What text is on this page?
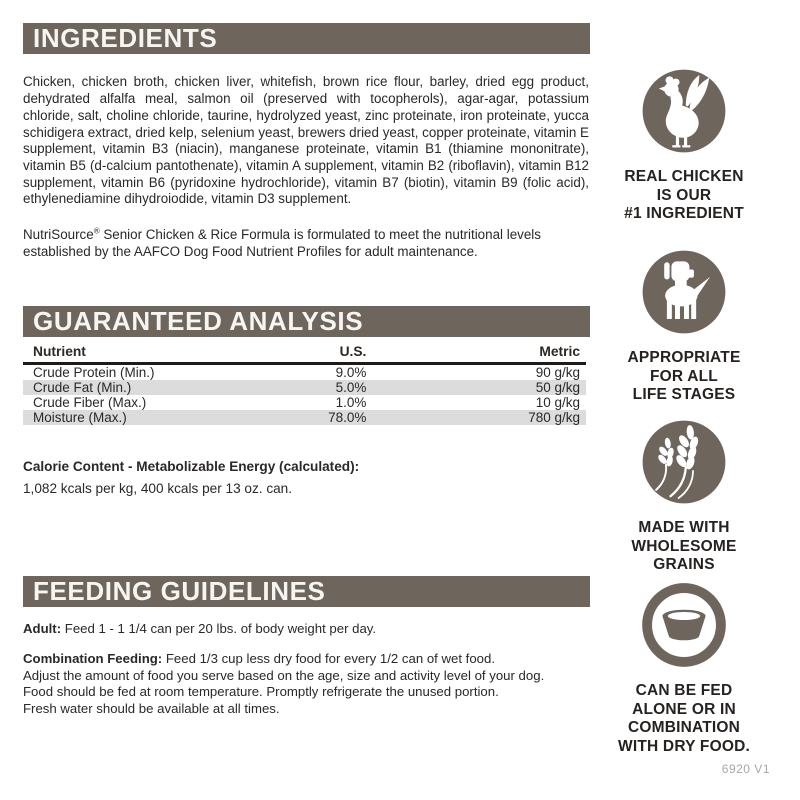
INGREDIENTS

Chicken, chicken broth, chicken liver, whitefish, brown rice flour, barley, dried egg product, dehydrated alfalfa meal, salmon oil (preserved with tocopherols), agar-agar, potassium chloride, salt, choline chloride, taurine, hydrolyzed yeast, zinc proteinate, iron proteinate, yucca schidigera extract, dried kelp, selenium yeast, brewers dried yeast, copper proteinate, vitamin E supplement, vitamin B3 (niacin), manganese proteinate, vitamin B1 (thiamine mononitrate), vitamin B5 (d-calcium pantothenate), vitamin A supplement, vitamin B2 (riboflavin), vitamin B12 supplement, vitamin B6 (pyridoxine hydrochloride), vitamin B7 (biotin), vitamin B9 (folic acid), ethylenediamine dihydroiodide, vitamin D3 supplement.

NutriSource® Senior Chicken & Rice Formula is formulated to meet the nutritional levels established by the AAFCO Dog Food Nutrient Profiles for adult maintenance.

GUARANTEED ANALYSIS
Nutrient	U.S.	Metric
Crude Protein (Min.)	9.0%	90 g/kg
Crude Fat (Min.)	5.0%	50 g/kg
Crude Fiber (Max.)	1.0%	10 g/kg
Moisture (Max.)	78.0%	780 g/kg
Calorie Content - Metabolizable Energy (calculated):
1,082 kcals per kg, 400 kcals per 13 oz. can.
FEEDING GUIDELINES
Adult: Feed 1 - 1 1/4 can per 20 lbs. of body weight per day.
Combination Feeding: Feed 1/3 cup less dry food for every 1/2 can of wet food.
Adjust the amount of food you serve based on the age, size and activity level of your dog.
Food should be fed at room temperature. Promptly refrigerate the unused portion.
Fresh water should be available at all times.
REAL CHICKEN
IS OUR
#1 INGREDIENT
APPROPRIATE
FOR ALL
LIFE STAGES
MADE WITH
WHOLESOME
GRAINS
CAN BE FED
ALONE OR IN
COMBINATION
WITH DRY FOOD.
6920 V1
